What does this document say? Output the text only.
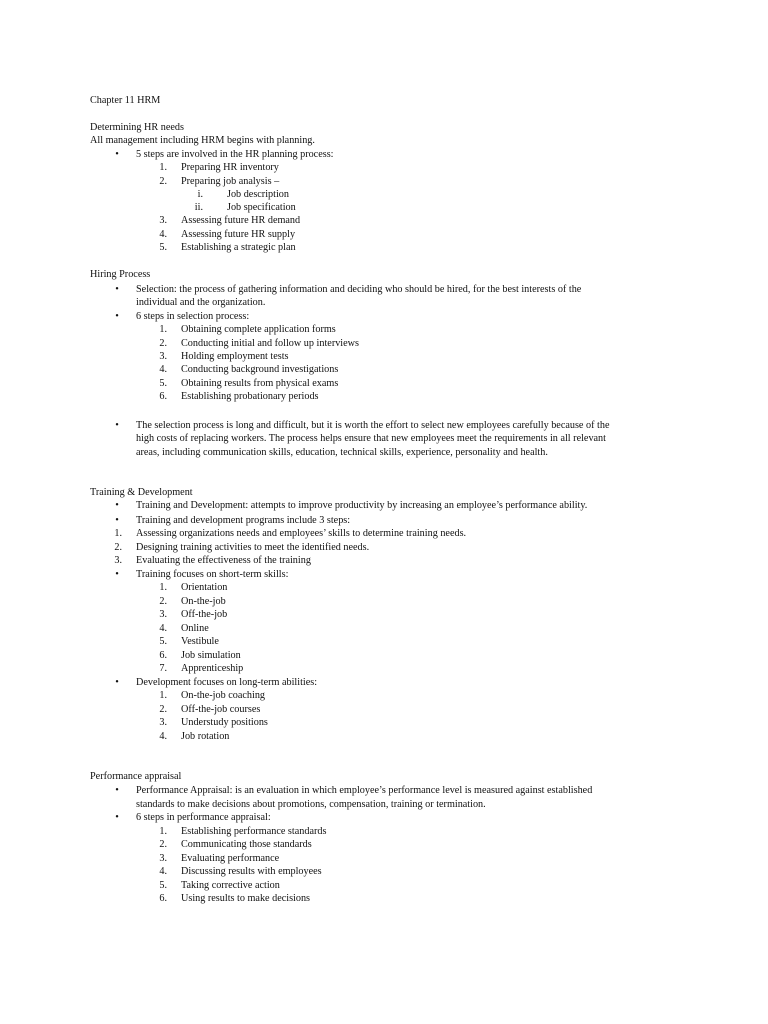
Chapter 11 HRM
Determining HR needs
All management including HRM begins with planning.
•	5 steps are involved in the HR planning process:
1. Preparing HR inventory
2. Preparing job analysis –
i. Job description
ii. Job specification
3. Assessing future HR demand
4. Assessing future HR supply
5. Establishing a strategic plan
Hiring Process
•	Selection: the process of gathering information and deciding who should be hired, for the best interests of the
individual and the organization.
•	6 steps in selection process:
1. Obtaining complete application forms
2. Conducting initial and follow up interviews
3. Holding employment tests
4. Conducting background investigations
5. Obtaining results from physical exams
6. Establishing probationary periods
•	The selection process is long and difficult, but it is worth the effort to select new employees carefully because of the
high costs of replacing workers. The process helps ensure that new employees meet the requirements in all relevant
areas, including communication skills, education, technical skills, experience, personality and health.
Training & Development
•	Training and Development: attempts to improve productivity by increasing an employee’s performance ability.
•	Training and development programs include 3 steps:
1. Assessing organizations needs and employees’ skills to determine training needs.
2. Designing training activities to meet the identified needs.
3. Evaluating the effectiveness of the training
•	Training focuses on short-term skills:
1. Orientation
2. On-the-job
3. Off-the-job
4. Online
5. Vestibule
6. Job simulation
7. Apprenticeship
•	Development focuses on long-term abilities:
1. On-the-job coaching
2. Off-the-job courses
3. Understudy positions
4. Job rotation
Performance appraisal
•	Performance Appraisal: is an evaluation in which employee’s performance level is measured against established
standards to make decisions about promotions, compensation, training or termination.
•	6 steps in performance appraisal:
1. Establishing performance standards
2. Communicating those standards
3. Evaluating performance
4. Discussing results with employees
5. Taking corrective action
6. Using results to make decisions
